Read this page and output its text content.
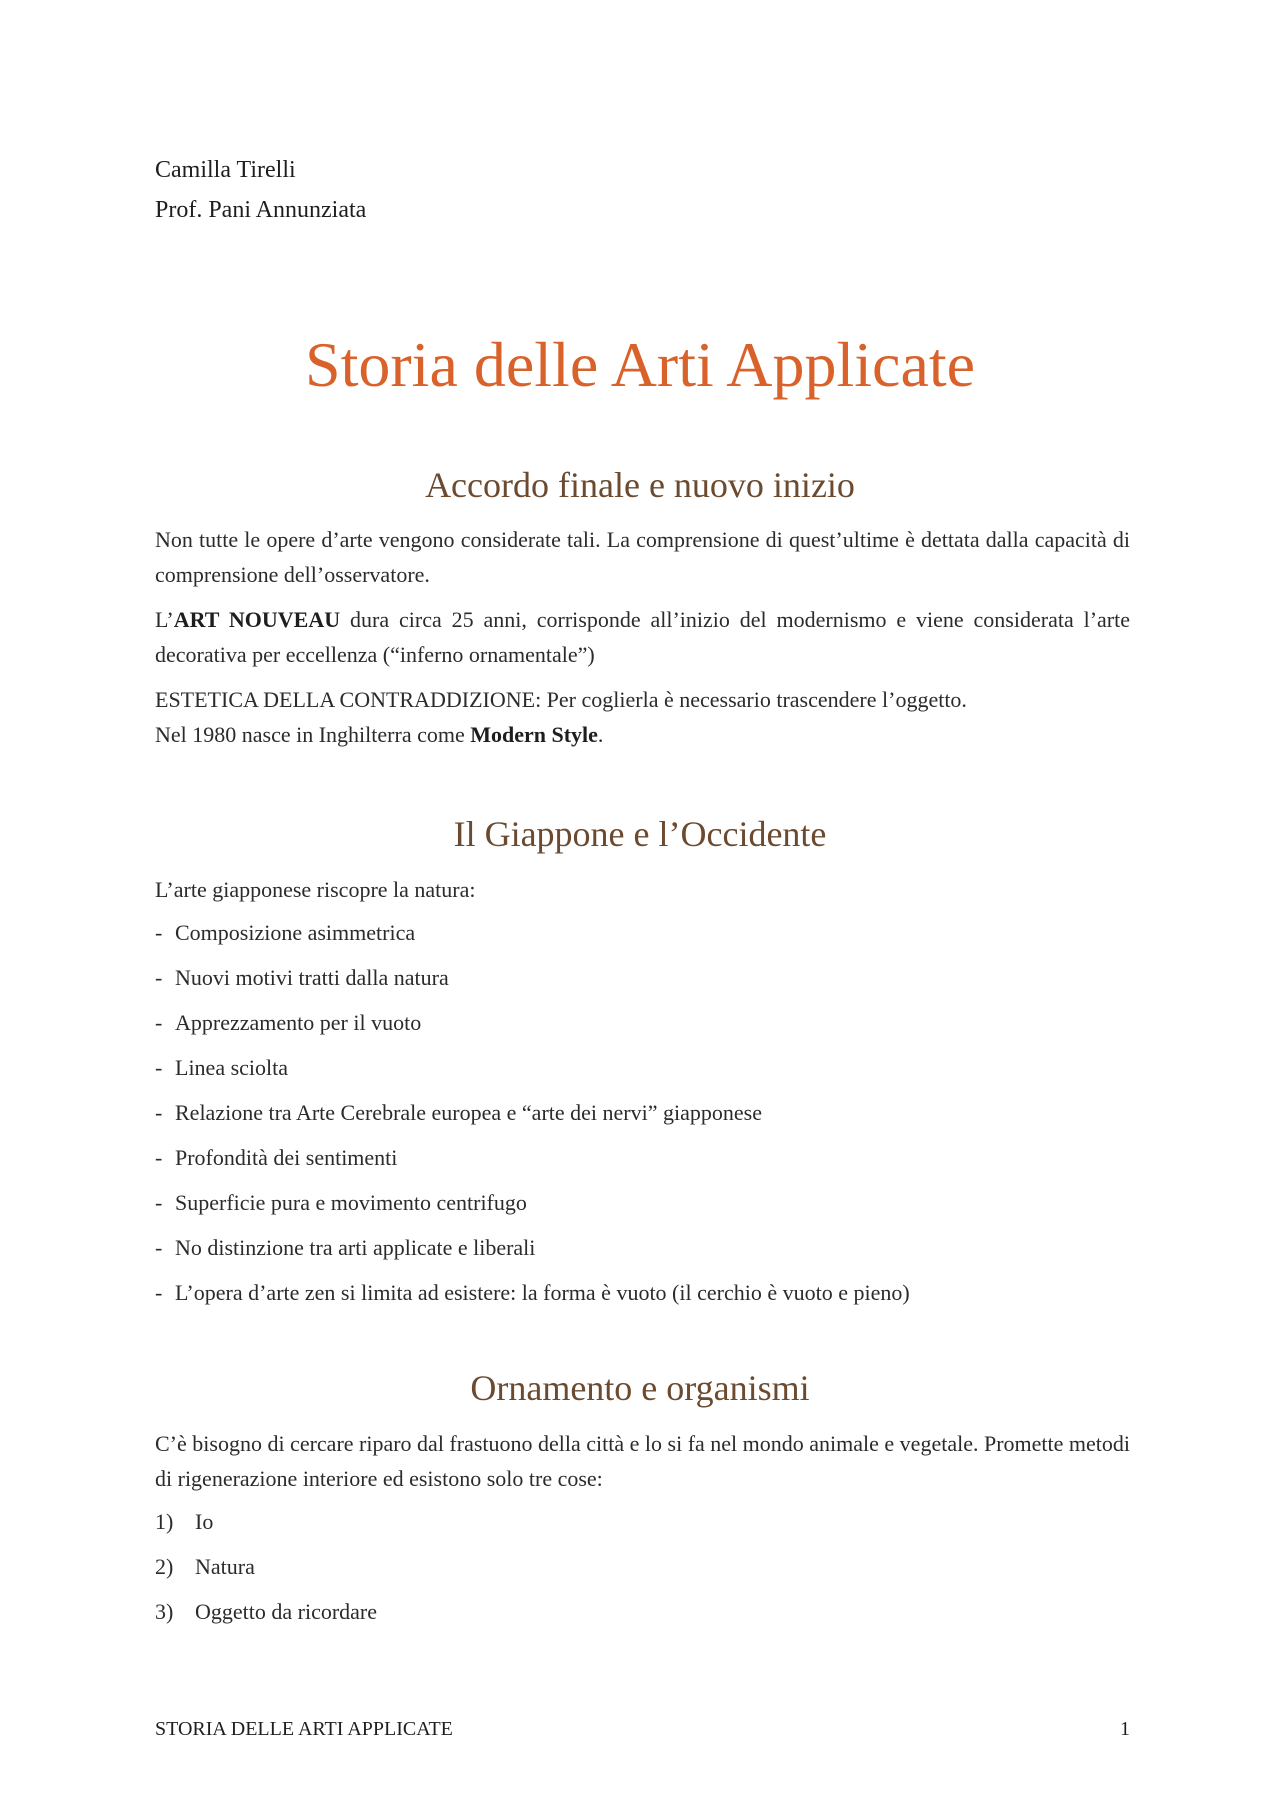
Camilla Tirelli
Prof. Pani Annunziata
Storia delle Arti Applicate
Accordo finale e nuovo inizio

Non tutte le opere d’arte vengono considerate tali. La comprensione di quest’ultime è dettata dalla capacità di comprensione dell’osservatore.

L’ART NOUVEAU dura circa 25 anni, corrisponde all’inizio del modernismo e viene considerata l’arte decorativa per eccellenza (“inferno ornamentale”)

ESTETICA DELLA CONTRADDIZIONE: Per coglierla è necessario trascendere l’oggetto.

Nel 1980 nasce in Inghilterra come Modern Style.

Il Giappone e l’Occidente

L’arte giapponese riscopre la natura:

- Composizione asimmetrica
- Nuovi motivi tratti dalla natura
- Apprezzamento per il vuoto
- Linea sciolta
- Relazione tra Arte Cerebrale europea e “arte dei nervi” giapponese
- Profondità dei sentimenti
- Superficie pura e movimento centrifugo
- No distinzione tra arti applicate e liberali
- L’opera d’arte zen si limita ad esistere: la forma è vuoto (il cerchio è vuoto e pieno)
Ornamento e organismi

C’è bisogno di cercare riparo dal frastuono della città e lo si fa nel mondo animale e vegetale. Promette metodi di rigenerazione interiore ed esistono solo tre cose:

1) Io
2) Natura
3) Oggetto da ricordare
STORIA DELLE ARTI APPLICATE	1
